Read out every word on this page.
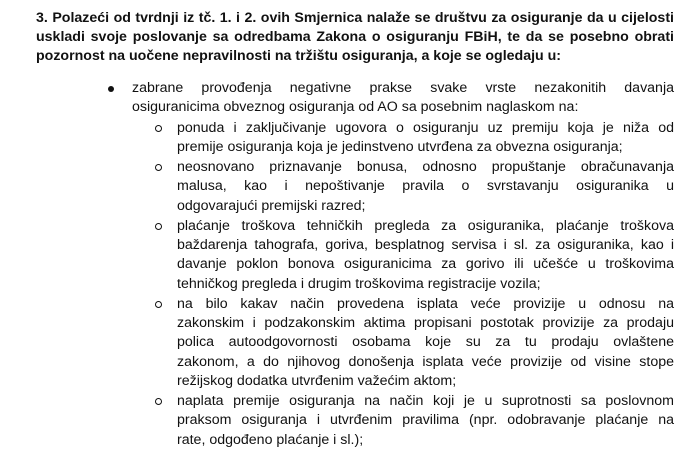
3. Polazeći od tvrdnji iz tč. 1. i 2. ovih Smjernica nalaže se društvu za osiguranje da u cijelosti
uskladi svoje poslovanje sa odredbama Zakona o osiguranju FBiH, te da se posebno obrati
pozornost na uočene nepravilnosti na tržištu osiguranja, a koje se ogledaju u:
zabrane provođenja negativne prakse svake vrste nezakonitih davanja
osiguranicima obveznog osiguranja od AO sa posebnim naglaskom na:
ponuda i zaključivanje ugovora o osiguranju uz premiju koja je niža od
premije osiguranja koja je jedinstveno utvrđena za obvezna osiguranja;
neosnovano priznavanje bonusa, odnosno propuštanje obračunavanja
malusa, kao i nepoštivanje pravila o svrstavanju osiguranika u
odgovarajući premijski razred;
plaćanje troškova tehničkih pregleda za osiguranika, plaćanje troškova
baždarenja tahografa, goriva, besplatnog servisa i sl. za osiguranika, kao i
davanje poklon bonova osiguranicima za gorivo ili učešće u troškovima
tehničkog pregleda i drugim troškovima registracije vozila;
na bilo kakav način provedena isplata veće provizije u odnosu na
zakonskim i podzakonskim aktima propisani postotak provizije za prodaju
polica autoodgovornosti osobama koje su za tu prodaju ovlaštene
zakonom, a do njihovog donošenja isplata veće provizije od visine stope
režijskog dodatka utvrđenim važećim aktom;
naplata premije osiguranja na način koji je u suprotnosti sa poslovnom
praksom osiguranja i utvrđenim pravilima (npr. odobravanje plaćanje na
rate, odgođeno plaćanje i sl.);
